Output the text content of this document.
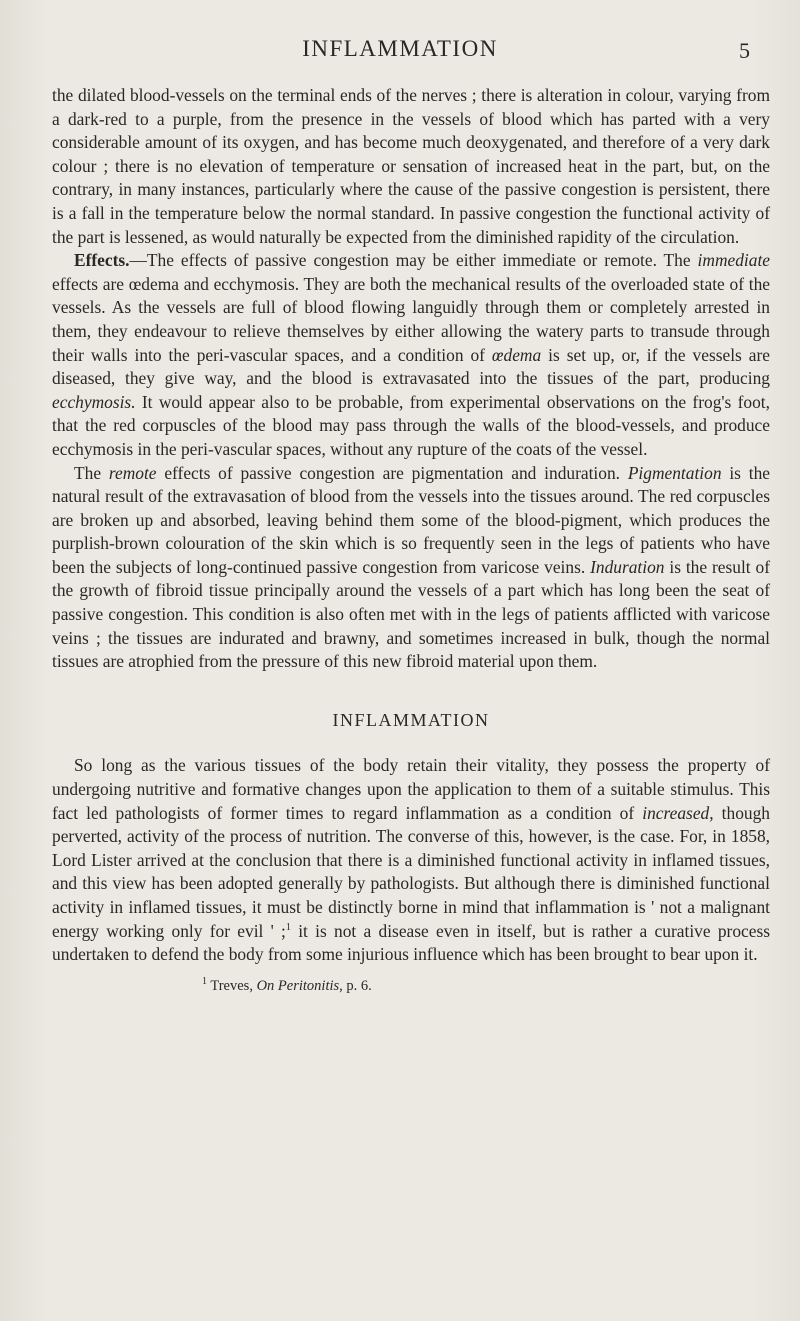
INFLAMMATION	5

the dilated blood-vessels on the terminal ends of the nerves ; there is alteration in colour, varying from a dark-red to a purple, from the presence in the vessels of blood which has parted with a very considerable amount of its oxygen, and has become much deoxygenated, and therefore of a very dark colour ; there is no elevation of temperature or sensation of increased heat in the part, but, on the contrary, in many instances, particularly where the cause of the passive congestion is persistent, there is a fall in the temperature below the normal standard. In passive congestion the functional activity of the part is lessened, as would naturally be expected from the diminished rapidity of the circulation.

Effects.—The effects of passive congestion may be either immediate or remote. The immediate effects are œdema and ecchymosis. They are both the mechanical results of the overloaded state of the vessels. As the vessels are full of blood flowing languidly through them or completely arrested in them, they endeavour to relieve themselves by either allowing the watery parts to transude through their walls into the peri-vascular spaces, and a condition of œdema is set up, or, if the vessels are diseased, they give way, and the blood is extravasated into the tissues of the part, producing ecchymosis. It would appear also to be probable, from experimental observations on the frog's foot, that the red corpuscles of the blood may pass through the walls of the blood-vessels, and produce ecchymosis in the peri-vascular spaces, without any rupture of the coats of the vessel.

The remote effects of passive congestion are pigmentation and induration. Pigmentation is the natural result of the extravasation of blood from the vessels into the tissues around. The red corpuscles are broken up and absorbed, leaving behind them some of the blood-pigment, which produces the purplish-brown colouration of the skin which is so frequently seen in the legs of patients who have been the subjects of long-continued passive congestion from varicose veins. Induration is the result of the growth of fibroid tissue principally around the vessels of a part which has long been the seat of passive congestion. This condition is also often met with in the legs of patients afflicted with varicose veins ; the tissues are indurated and brawny, and sometimes increased in bulk, though the normal tissues are atrophied from the pressure of this new fibroid material upon them.

INFLAMMATION

So long as the various tissues of the body retain their vitality, they possess the property of undergoing nutritive and formative changes upon the application to them of a suitable stimulus. This fact led pathologists of former times to regard inflammation as a condition of increased, though perverted, activity of the process of nutrition. The converse of this, however, is the case. For, in 1858, Lord Lister arrived at the conclusion that there is a diminished functional activity in inflamed tissues, and this view has been adopted generally by pathologists. But although there is diminished functional activity in inflamed tissues, it must be distinctly borne in mind that inflammation is ' not a malignant energy working only for evil ' ;$^1$ it is not a disease even in itself, but is rather a curative process undertaken to defend the body from some injurious influence which has been brought to bear upon it.

$^1$ Treves, On Peritonitis, p. 6.
